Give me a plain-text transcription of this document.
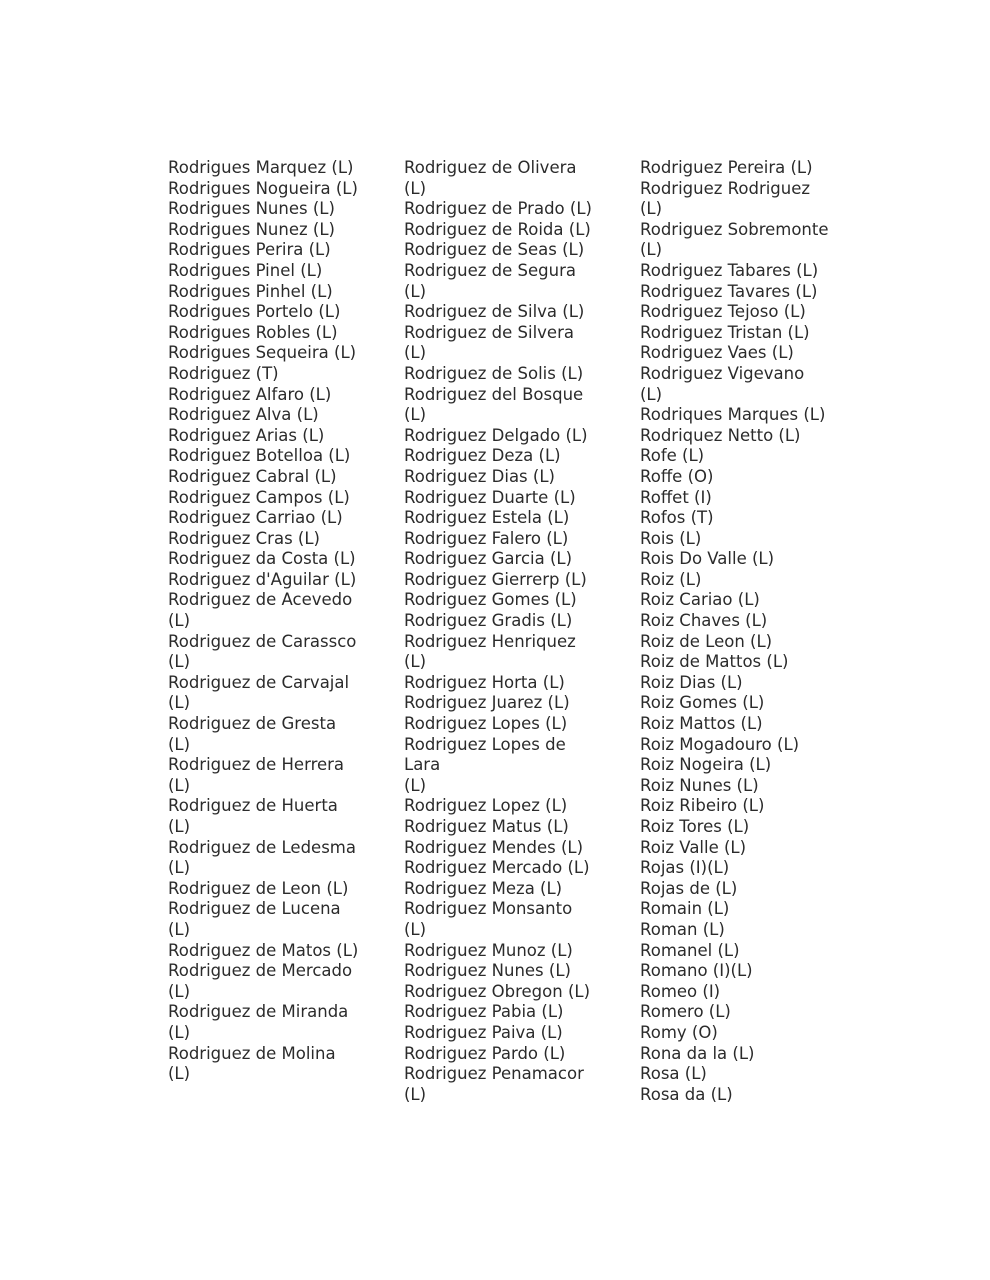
Rodrigues Marquez (L)

Rodrigues Nogueira (L)

Rodrigues Nunes (L)

Rodrigues Nunez (L)

Rodrigues Perira (L)

Rodrigues Pinel (L)

Rodrigues Pinhel (L)

Rodrigues Portelo (L)

Rodrigues Robles (L)

Rodrigues Sequeira (L)

Rodriguez (T)

Rodriguez Alfaro (L)

Rodriguez Alva (L)

Rodriguez Arias (L)

Rodriguez Botelloa (L)

Rodriguez Cabral (L)

Rodriguez Campos (L)

Rodriguez Carriao (L)

Rodriguez Cras (L)

Rodriguez da Costa (L)

Rodriguez d'Aguilar (L)

Rodriguez de Acevedo
(L)

Rodriguez de Carassco
(L)

Rodriguez de Carvajal
(L)

Rodriguez de Gresta
(L)

Rodriguez de Herrera
(L)

Rodriguez de Huerta
(L)

Rodriguez de Ledesma
(L)

Rodriguez de Leon (L)

Rodriguez de Lucena
(L)

Rodriguez de Matos (L)

Rodriguez de Mercado
(L)

Rodriguez de Miranda
(L)

Rodriguez de Molina
(L)

Rodriguez de Olivera
(L)

Rodriguez de Prado (L)

Rodriguez de Roida (L)

Rodriguez de Seas (L)

Rodriguez de Segura
(L)

Rodriguez de Silva (L)

Rodriguez de Silvera
(L)

Rodriguez de Solis (L)

Rodriguez del Bosque
(L)

Rodriguez Delgado (L)

Rodriguez Deza (L)

Rodriguez Dias (L)

Rodriguez Duarte (L)

Rodriguez Estela (L)

Rodriguez Falero (L)

Rodriguez Garcia (L)

Rodriguez Gierrerp (L)

Rodriguez Gomes (L)

Rodriguez Gradis (L)

Rodriguez Henriquez
(L)

Rodriguez Horta (L)

Rodriguez Juarez (L)

Rodriguez Lopes (L)

Rodriguez Lopes de
Lara
(L)

Rodriguez Lopez (L)

Rodriguez Matus (L)

Rodriguez Mendes (L)

Rodriguez Mercado (L)

Rodriguez Meza (L)

Rodriguez Monsanto
(L)

Rodriguez Munoz (L)

Rodriguez Nunes (L)

Rodriguez Obregon (L)

Rodriguez Pabia (L)

Rodriguez Paiva (L)

Rodriguez Pardo (L)

Rodriguez Penamacor
(L)

Rodriguez Pereira (L)

Rodriguez Rodriguez
(L)

Rodriguez Sobremonte
(L)

Rodriguez Tabares (L)

Rodriguez Tavares (L)

Rodriguez Tejoso (L)

Rodriguez Tristan (L)

Rodriguez Vaes (L)

Rodriguez Vigevano
(L)

Rodriques Marques (L)

Rodriquez Netto (L)

Rofe (L)

Roffe (O)

Roffet (I)

Rofos (T)

Rois (L)

Rois Do Valle (L)

Roiz (L)

Roiz Cariao (L)

Roiz Chaves (L)

Roiz de Leon (L)

Roiz de Mattos (L)

Roiz Dias (L)

Roiz Gomes (L)

Roiz Mattos (L)

Roiz Mogadouro (L)

Roiz Nogeira (L)

Roiz Nunes (L)

Roiz Ribeiro (L)

Roiz Tores (L)

Roiz Valle (L)

Rojas (I)(L)

Rojas de (L)

Romain (L)

Roman (L)

Romanel (L)

Romano (I)(L)

Romeo (I)

Romero (L)

Romy (O)

Rona da la (L)

Rosa (L)

Rosa da (L)
